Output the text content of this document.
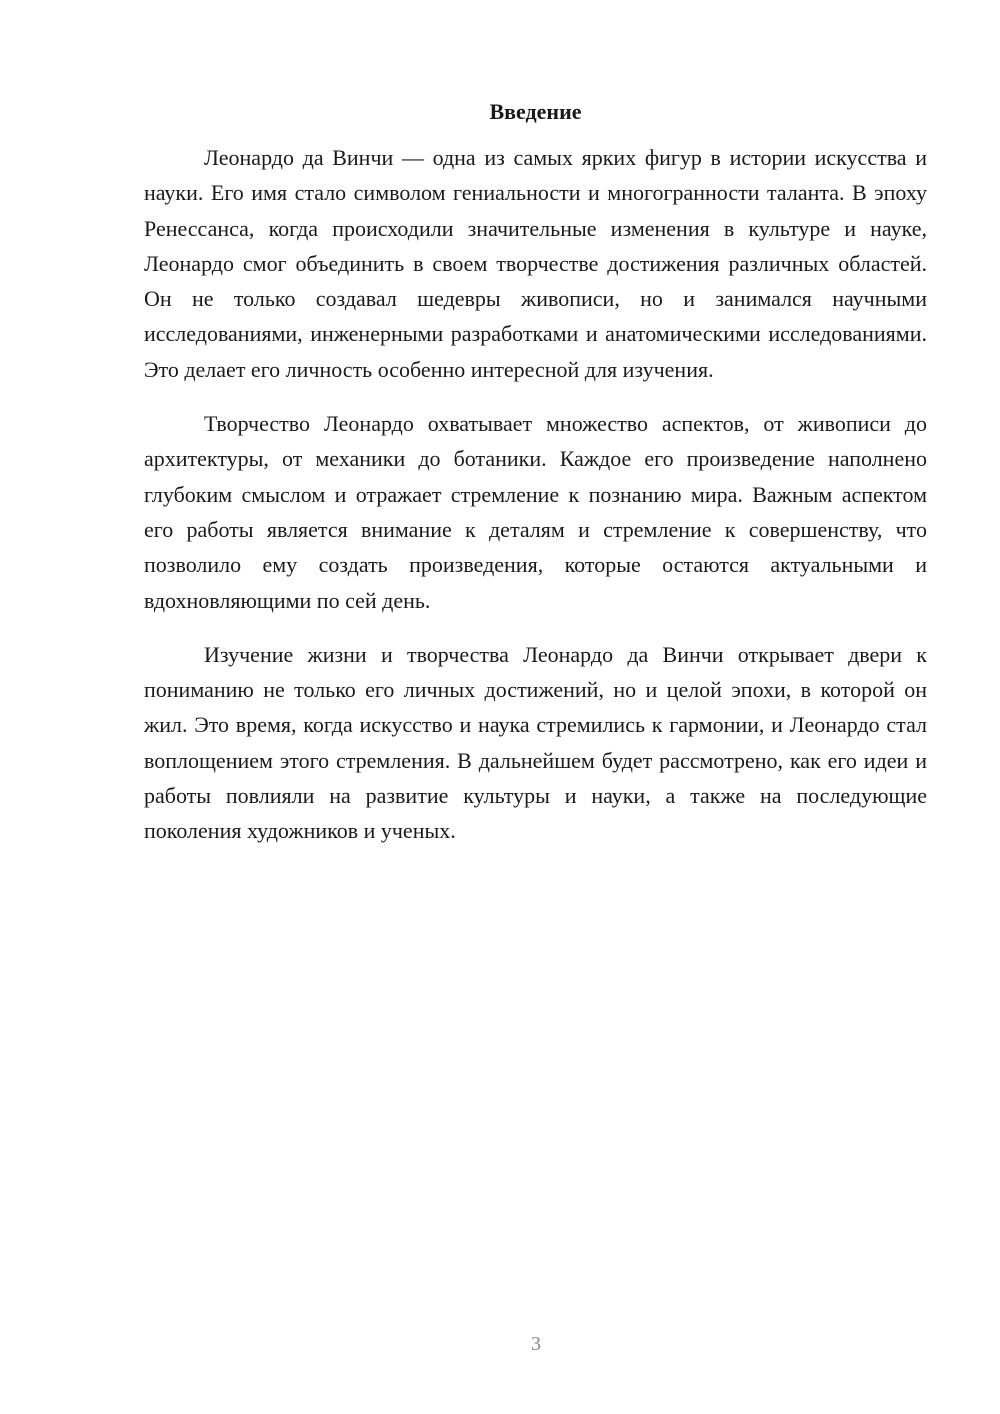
Введение

Леонардо да Винчи — одна из самых ярких фигур в истории искусства и науки. Его имя стало символом гениальности и многогранности таланта. В эпоху Ренессанса, когда происходили значительные изменения в культуре и науке, Леонардо смог объединить в своем творчестве достижения различных областей. Он не только создавал шедевры живописи, но и занимался научными исследованиями, инженерными разработками и анатомическими исследованиями. Это делает его личность особенно интересной для изучения.

Творчество Леонардо охватывает множество аспектов, от живописи до архитектуры, от механики до ботаники. Каждое его произведение наполнено глубоким смыслом и отражает стремление к познанию мира. Важным аспектом его работы является внимание к деталям и стремление к совершенству, что позволило ему создать произведения, которые остаются актуальными и вдохновляющими по сей день.

Изучение жизни и творчества Леонардо да Винчи открывает двери к пониманию не только его личных достижений, но и целой эпохи, в которой он жил. Это время, когда искусство и наука стремились к гармонии, и Леонардо стал воплощением этого стремления. В дальнейшем будет рассмотрено, как его идеи и работы повлияли на развитие культуры и науки, а также на последующие поколения художников и ученых.

3
